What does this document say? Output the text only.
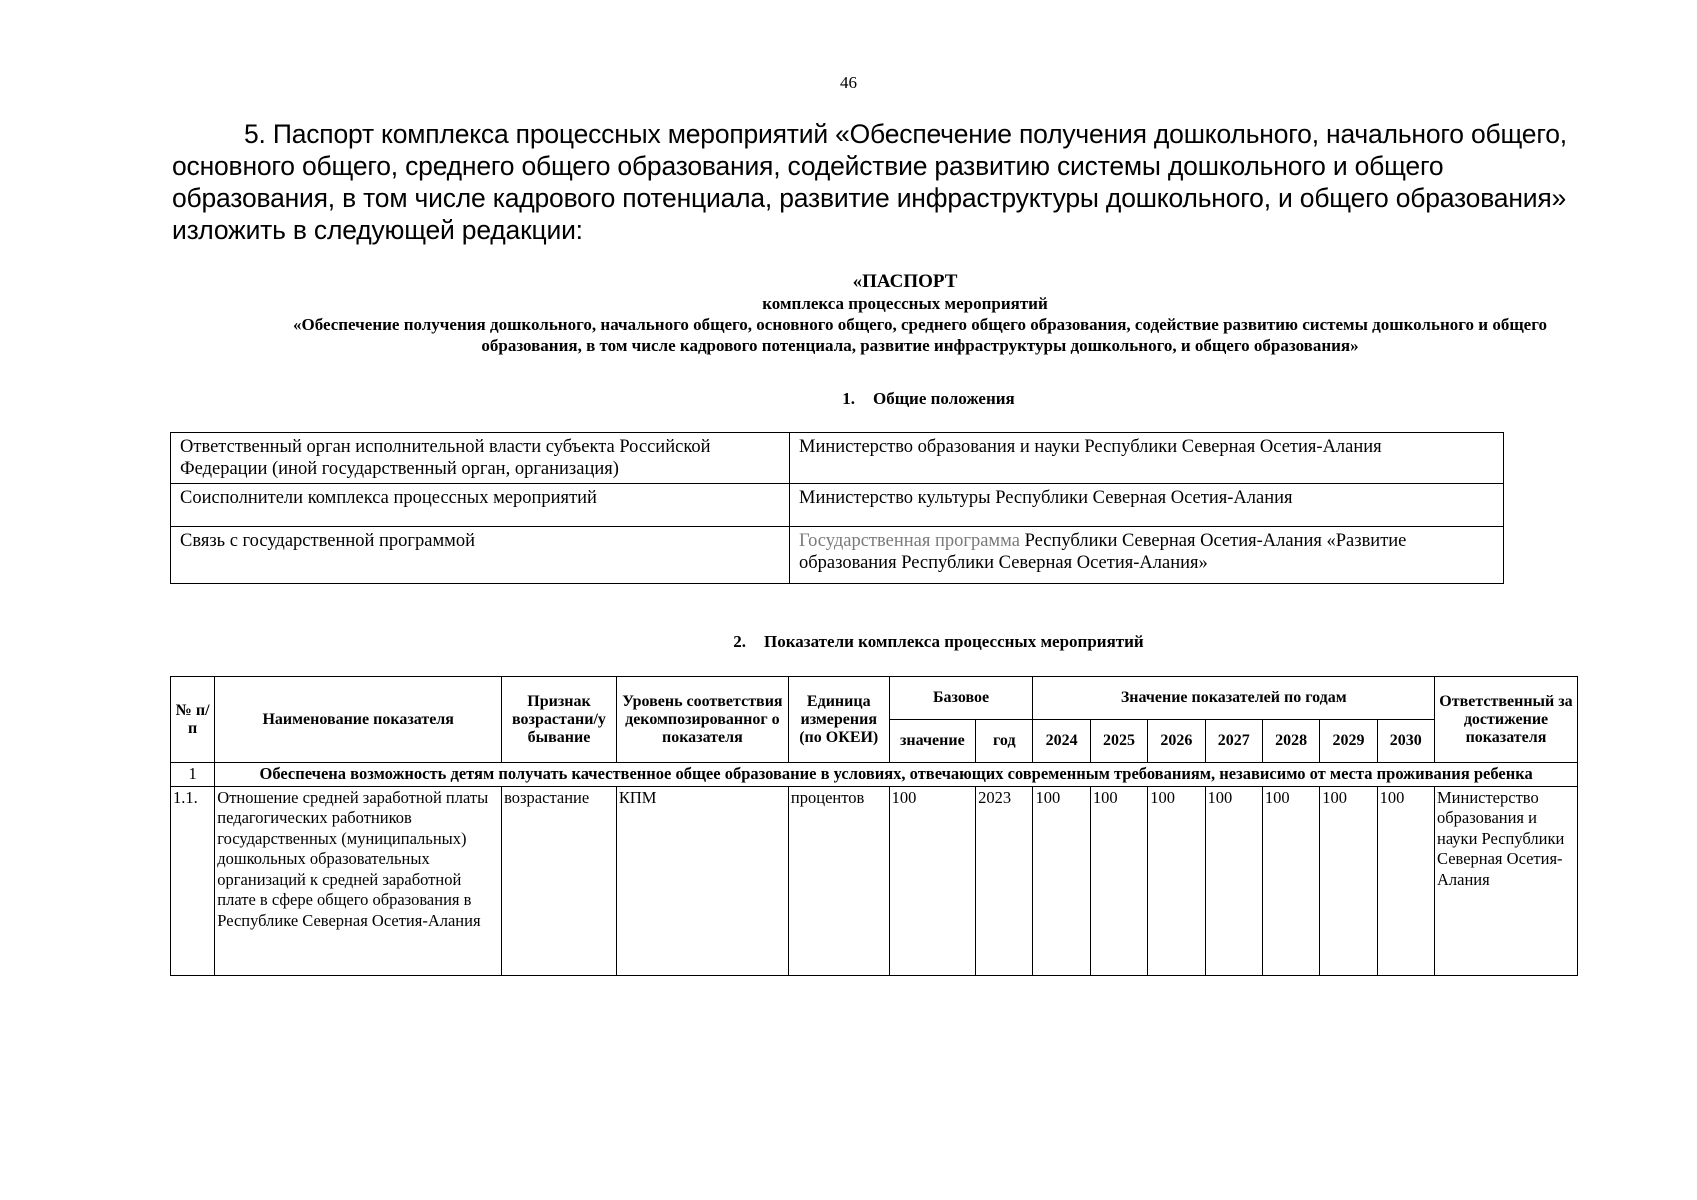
46
5. Паспорт комплекса процессных мероприятий «Обеспечение получения дошкольного, начального общего, основного общего, среднего общего образования, содействие развитию системы дошкольного и общего образования, в том числе кадрового потенциала, развитие инфраструктуры дошкольного, и общего образования» изложить в следующей редакции:
«ПАСПОРТ
комплекса процессных мероприятий
«Обеспечение получения дошкольного, начального общего, основного общего, среднего общего образования, содействие развитию системы дошкольного и общего образования, в том числе кадрового потенциала, развитие инфраструктуры дошкольного, и общего образования»
1. Общие положения
Ответственный орган исполнительной власти субъекта Российской Федерации (иной государственный орган, организация)	Министерство образования и науки Республики Северная Осетия-Алания
Соисполнители комплекса процессных мероприятий	Министерство культуры Республики Северная Осетия-Алания
Связь с государственной программой	Государственная программа Республики Северная Осетия-Алания «Развитие образования Республики Северная Осетия-Алания»
2. Показатели комплекса процессных мероприятий
№ п/п	Наименование показателя	Признак возрастани/у бывание	Уровень соответствия декомпозированног о показателя	Единица измерения (по ОКЕИ)	Базовое		Значение показателей по годам							Ответственный за достижение показателя
					значение	год	2024	2025	2026	2027	2028	2029	2030	
1	Обеспечена возможность детям получать качественное общее образование в условиях, отвечающих современным требованиям, независимо от места проживания ребенка													
1.1.	Отношение средней заработной платы педагогических работников государственных (муниципальных) дошкольных образовательных организаций к средней заработной плате в сфере общего образования в Республике Северная Осетия-Алания	возрастание	КПМ	процентов	100	2023	100	100	100	100	100	100	100	Министерство образования и науки Республики Северная Осетия-Алания
